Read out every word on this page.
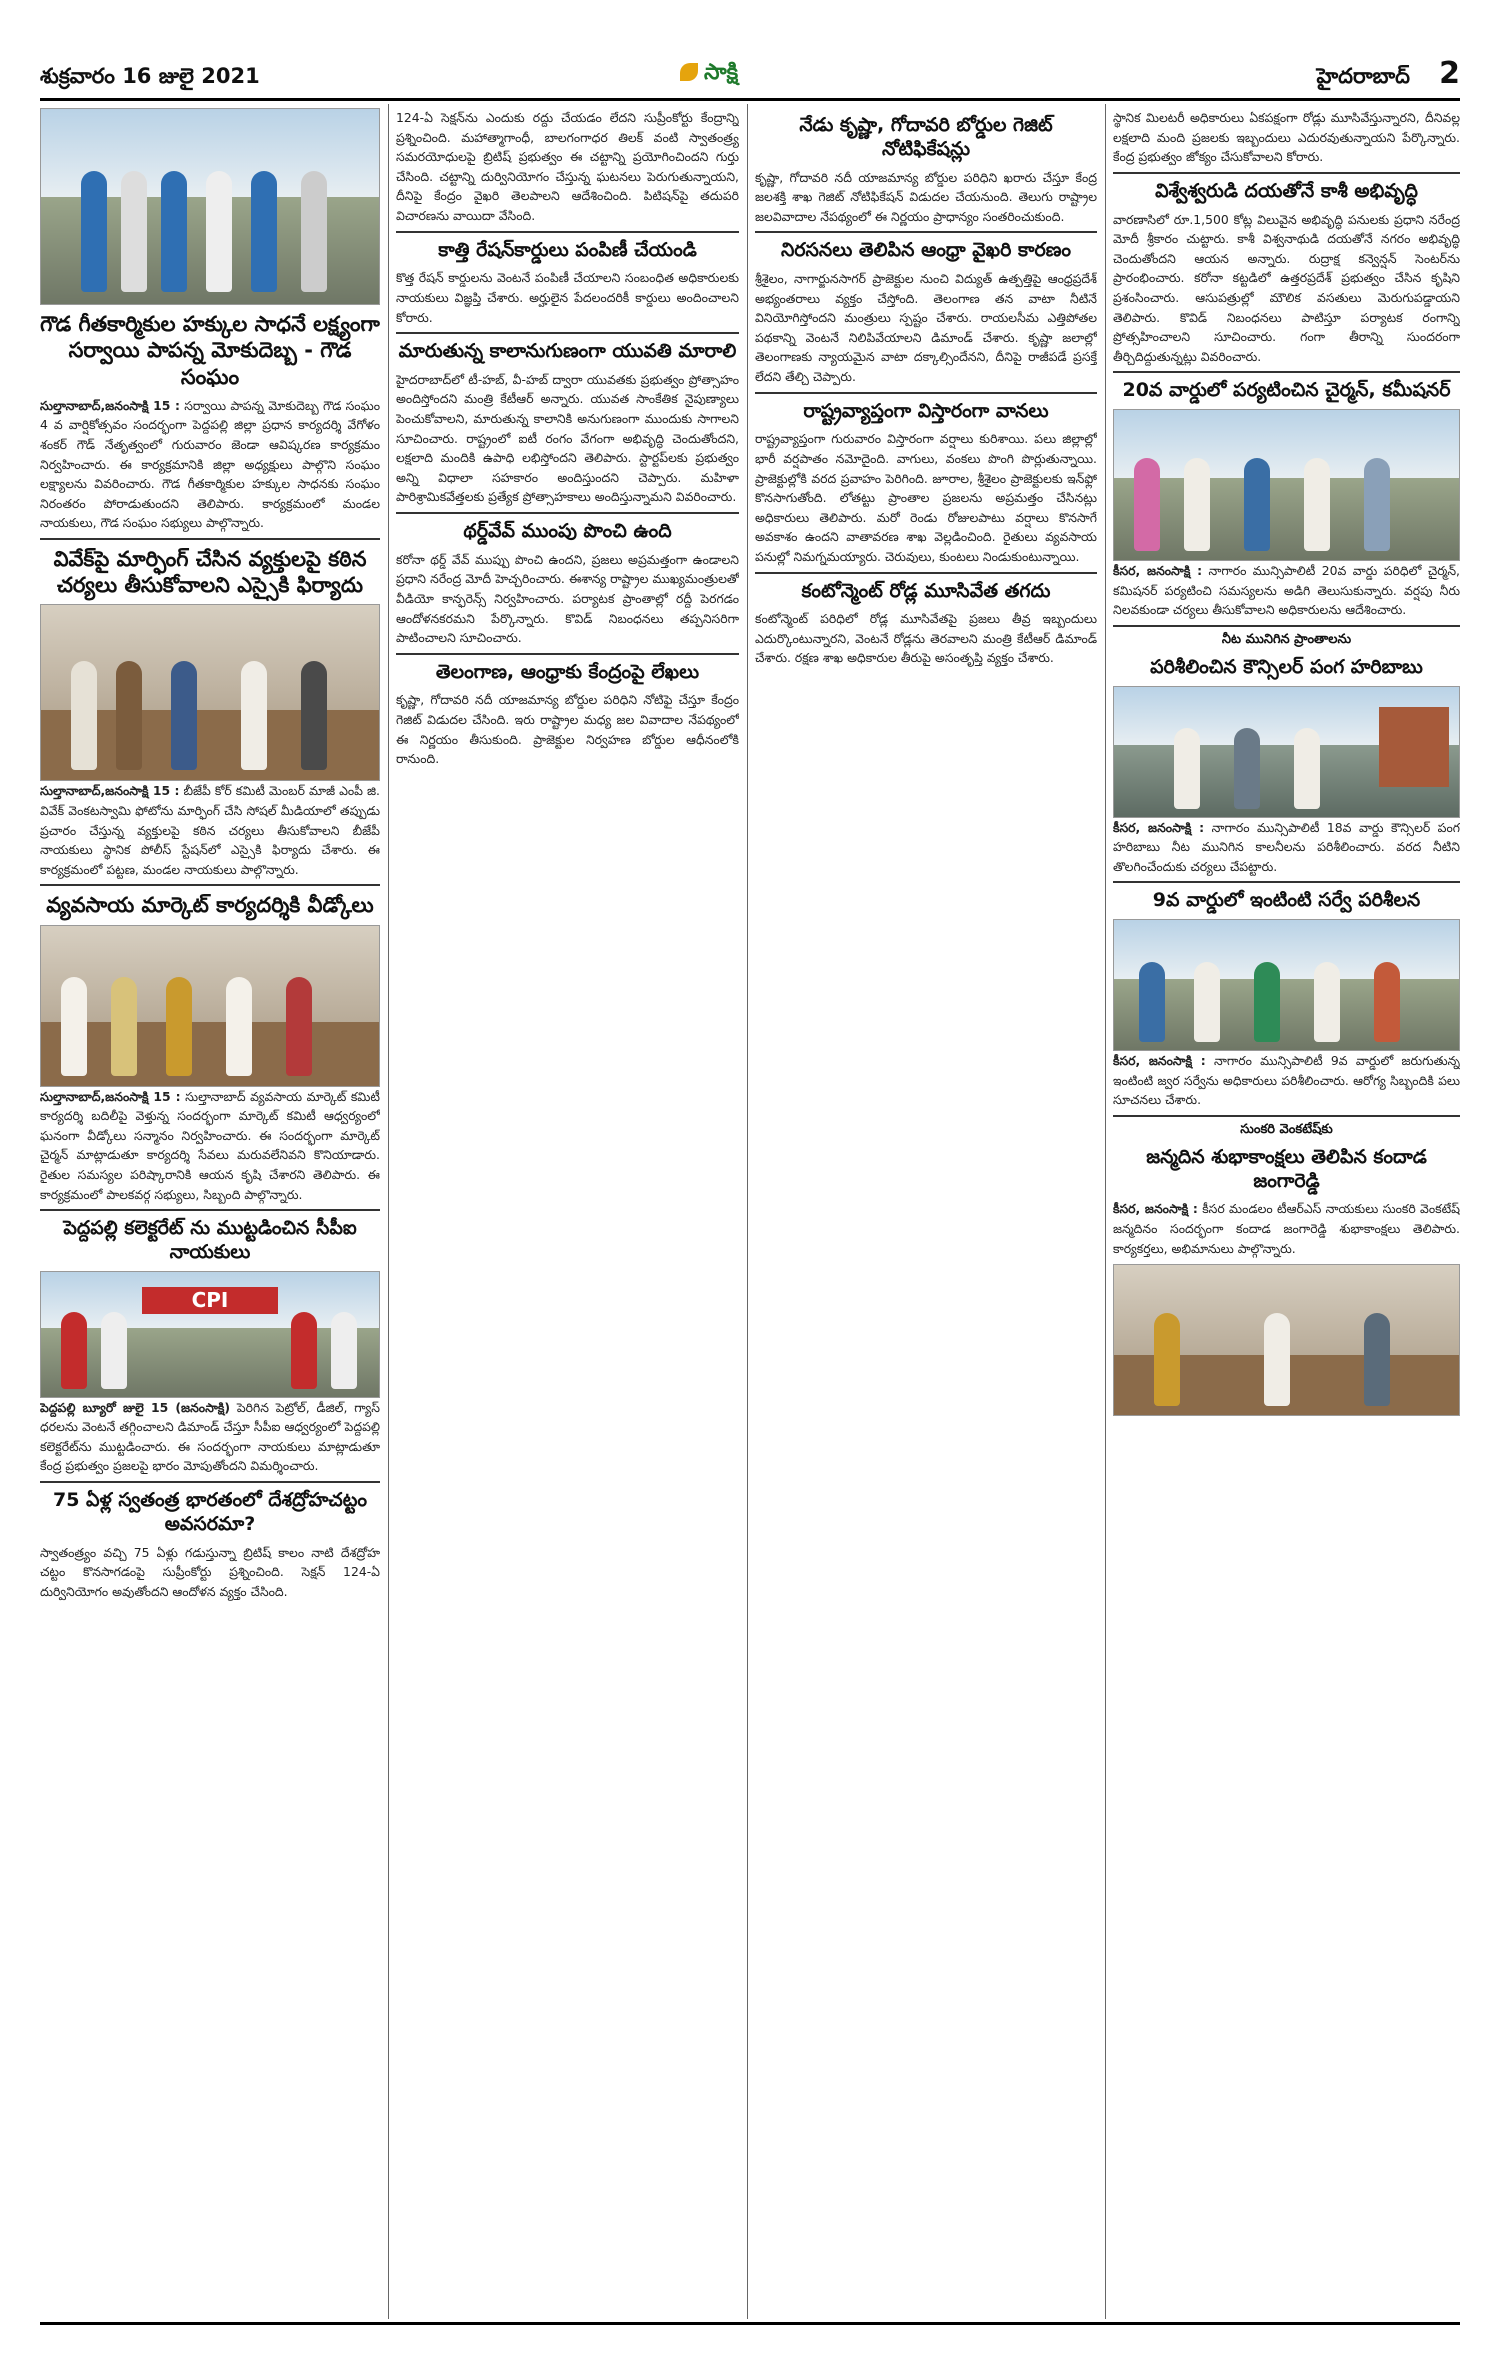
శుక్రవారం 16 జులై 2021	సాక్షి	హైదరాబాద్ 2
గౌడ గీతకార్మికుల హక్కుల సాధనే లక్ష్యంగా సర్వాయి పాపన్న మోకుదెబ్బ - గౌడ సంఘం
సుల్తానాబాద్,జనంసాక్షి 15 : సర్వాయి పాపన్న మోకుదెబ్బ గౌడ సంఘం 4 వ వార్షికోత్సవం సందర్భంగా పెద్దపల్లి జిల్లా ప్రధాన కార్యదర్శి వేగోళం శంకర్ గౌడ్ నేతృత్వంలో గురువారం జెండా ఆవిష్కరణ కార్యక్రమం నిర్వహించారు. ఈ కార్యక్రమానికి జిల్లా అధ్యక్షులు పాల్గొని సంఘం లక్ష్యాలను వివరించారు. గౌడ గీతకార్మికుల హక్కుల సాధనకు సంఘం నిరంతరం పోరాడుతుందని తెలిపారు. కార్యక్రమంలో మండల నాయకులు, గౌడ సంఘం సభ్యులు పాల్గొన్నారు.
వివేక్‌పై మార్ఫింగ్ చేసిన వ్యక్తులపై కఠిన చర్యలు తీసుకోవాలని ఎస్సైకి ఫిర్యాదు
సుల్తానాబాద్,జనంసాక్షి 15 : బీజేపీ కోర్ కమిటీ మెంబర్ మాజీ ఎంపీ జి. వివేక్ వెంకటస్వామి ఫోటోను మార్ఫింగ్ చేసి సోషల్ మీడియాలో తప్పుడు ప్రచారం చేస్తున్న వ్యక్తులపై కఠిన చర్యలు తీసుకోవాలని బీజేపీ నాయకులు స్థానిక పోలీస్ స్టేషన్‌లో ఎస్సైకి ఫిర్యాదు చేశారు. ఈ కార్యక్రమంలో పట్టణ, మండల నాయకులు పాల్గొన్నారు.
వ్యవసాయ మార్కెట్ కార్యదర్శికి వీడ్కోలు
సుల్తానాబాద్,జనంసాక్షి 15 : సుల్తానాబాద్ వ్యవసాయ మార్కెట్ కమిటీ కార్యదర్శి బదిలీపై వెళ్తున్న సందర్భంగా మార్కెట్ కమిటీ ఆధ్వర్యంలో ఘనంగా వీడ్కోలు సన్మానం నిర్వహించారు. ఈ సందర్భంగా మార్కెట్ చైర్మన్ మాట్లాడుతూ కార్యదర్శి సేవలు మరువలేనివని కొనియాడారు. రైతుల సమస్యల పరిష్కారానికి ఆయన కృషి చేశారని తెలిపారు. ఈ కార్యక్రమంలో పాలకవర్గ సభ్యులు, సిబ్బంది పాల్గొన్నారు.
పెద్దపల్లి కలెక్టరేట్ ను ముట్టడించిన సీపీఐ నాయకులు
CPI
పెద్దపల్లి బ్యూరో జులై 15 (జనంసాక్షి) పెరిగిన పెట్రోల్, డీజిల్, గ్యాస్ ధరలను వెంటనే తగ్గించాలని డిమాండ్ చేస్తూ సీపీఐ ఆధ్వర్యంలో పెద్దపల్లి కలెక్టరేట్‌ను ముట్టడించారు. ఈ సందర్భంగా నాయకులు మాట్లాడుతూ కేంద్ర ప్రభుత్వం ప్రజలపై భారం మోపుతోందని విమర్శించారు.
75 ఏళ్ల స్వతంత్ర భారతంలో దేశద్రోహచట్టం అవసరమా?
స్వాతంత్ర్యం వచ్చి 75 ఏళ్లు గడుస్తున్నా బ్రిటిష్ కాలం నాటి దేశద్రోహ చట్టం కొనసాగడంపై సుప్రీంకోర్టు ప్రశ్నించింది. సెక్షన్ 124-ఏ దుర్వినియోగం అవుతోందని ఆందోళన వ్యక్తం చేసింది.
124-ఏ సెక్షన్‌ను ఎందుకు రద్దు చేయడం లేదని సుప్రీంకోర్టు కేంద్రాన్ని ప్రశ్నించింది. మహాత్మాగాంధీ, బాలగంగాధర తిలక్ వంటి స్వాతంత్ర్య సమరయోధులపై బ్రిటిష్ ప్రభుత్వం ఈ చట్టాన్ని ప్రయోగించిందని గుర్తు చేసింది. చట్టాన్ని దుర్వినియోగం చేస్తున్న ఘటనలు పెరుగుతున్నాయని, దీనిపై కేంద్రం వైఖరి తెలపాలని ఆదేశించింది. పిటిషన్‌పై తదుపరి విచారణను వాయిదా వేసింది.
కాత్తి రేషన్‌కార్డులు పంపిణీ చేయండి
కొత్త రేషన్ కార్డులను వెంటనే పంపిణీ చేయాలని సంబంధిత అధికారులకు నాయకులు విజ్ఞప్తి చేశారు. అర్హులైన పేదలందరికీ కార్డులు అందించాలని కోరారు.
మారుతున్న కాలానుగుణంగా యువతి మారాలి
హైదరాబాద్‌లో టీ-హబ్, వీ-హబ్ ద్వారా యువతకు ప్రభుత్వం ప్రోత్సాహం అందిస్తోందని మంత్రి కేటీఆర్ అన్నారు. యువత సాంకేతిక నైపుణ్యాలు పెంచుకోవాలని, మారుతున్న కాలానికి అనుగుణంగా ముందుకు సాగాలని సూచించారు. రాష్ట్రంలో ఐటీ రంగం వేగంగా అభివృద్ధి చెందుతోందని, లక్షలాది మందికి ఉపాధి లభిస్తోందని తెలిపారు. స్టార్టప్‌లకు ప్రభుత్వం అన్ని విధాలా సహకారం అందిస్తుందని చెప్పారు. మహిళా పారిశ్రామికవేత్తలకు ప్రత్యేక ప్రోత్సాహకాలు అందిస్తున్నామని వివరించారు.
థర్డ్‌వేవ్ ముంపు పొంచి ఉంది
కరోనా థర్డ్ వేవ్ ముప్పు పొంచి ఉందని, ప్రజలు అప్రమత్తంగా ఉండాలని ప్రధాని నరేంద్ర మోదీ హెచ్చరించారు. ఈశాన్య రాష్ట్రాల ముఖ్యమంత్రులతో వీడియో కాన్ఫరెన్స్ నిర్వహించారు. పర్యాటక ప్రాంతాల్లో రద్దీ పెరగడం ఆందోళనకరమని పేర్కొన్నారు. కొవిడ్ నిబంధనలు తప్పనిసరిగా పాటించాలని సూచించారు.
తెలంగాణ, ఆంధ్రాకు కేంద్రంపై లేఖలు
కృష్ణా, గోదావరి నదీ యాజమాన్య బోర్డుల పరిధిని నోటిఫై చేస్తూ కేంద్రం గెజిట్ విడుదల చేసింది. ఇరు రాష్ట్రాల మధ్య జల వివాదాల నేపథ్యంలో ఈ నిర్ణయం తీసుకుంది. ప్రాజెక్టుల నిర్వహణ బోర్డుల ఆధీనంలోకి రానుంది.
నేడు కృష్ణా, గోదావరి బోర్డుల గెజిట్ నోటిఫికేషన్లు
కృష్ణా, గోదావరి నదీ యాజమాన్య బోర్డుల పరిధిని ఖరారు చేస్తూ కేంద్ర జలశక్తి శాఖ గెజిట్ నోటిఫికేషన్ విడుదల చేయనుంది. తెలుగు రాష్ట్రాల జలవివాదాల నేపథ్యంలో ఈ నిర్ణయం ప్రాధాన్యం సంతరించుకుంది.
నిరసనలు తెలిపిన ఆంధ్రా వైఖరి కారణం
శ్రీశైలం, నాగార్జునసాగర్ ప్రాజెక్టుల నుంచి విద్యుత్ ఉత్పత్తిపై ఆంధ్రప్రదేశ్ అభ్యంతరాలు వ్యక్తం చేస్తోంది. తెలంగాణ తన వాటా నీటినే వినియోగిస్తోందని మంత్రులు స్పష్టం చేశారు. రాయలసీమ ఎత్తిపోతల పథకాన్ని వెంటనే నిలిపివేయాలని డిమాండ్ చేశారు. కృష్ణా జలాల్లో తెలంగాణకు న్యాయమైన వాటా దక్కాల్సిందేనని, దీనిపై రాజీపడే ప్రసక్తే లేదని తేల్చి చెప్పారు.
రాష్ట్రవ్యాప్తంగా విస్తారంగా వానలు
రాష్ట్రవ్యాప్తంగా గురువారం విస్తారంగా వర్షాలు కురిశాయి. పలు జిల్లాల్లో భారీ వర్షపాతం నమోదైంది. వాగులు, వంకలు పొంగి పొర్లుతున్నాయి. ప్రాజెక్టుల్లోకి వరద ప్రవాహం పెరిగింది. జూరాల, శ్రీశైలం ప్రాజెక్టులకు ఇన్‌ఫ్లో కొనసాగుతోంది. లోతట్టు ప్రాంతాల ప్రజలను అప్రమత్తం చేసినట్లు అధికారులు తెలిపారు. మరో రెండు రోజులపాటు వర్షాలు కొనసాగే అవకాశం ఉందని వాతావరణ శాఖ వెల్లడించింది. రైతులు వ్యవసాయ పనుల్లో నిమగ్నమయ్యారు. చెరువులు, కుంటలు నిండుకుంటున్నాయి.
కంటోన్మెంట్ రోడ్ల మూసివేత తగదు
కంటోన్మెంట్ పరిధిలో రోడ్ల మూసివేతపై ప్రజలు తీవ్ర ఇబ్బందులు ఎదుర్కొంటున్నారని, వెంటనే రోడ్లను తెరవాలని మంత్రి కేటీఆర్ డిమాండ్ చేశారు. రక్షణ శాఖ అధికారుల తీరుపై అసంతృప్తి వ్యక్తం చేశారు.
స్థానిక మిలటరీ అధికారులు ఏకపక్షంగా రోడ్లు మూసివేస్తున్నారని, దీనివల్ల లక్షలాది మంది ప్రజలకు ఇబ్బందులు ఎదురవుతున్నాయని పేర్కొన్నారు. కేంద్ర ప్రభుత్వం జోక్యం చేసుకోవాలని కోరారు.
విశ్వేశ్వరుడి దయతోనే కాశీ అభివృద్ధి
వారణాసిలో రూ.1,500 కోట్ల విలువైన అభివృద్ధి పనులకు ప్రధాని నరేంద్ర మోదీ శ్రీకారం చుట్టారు. కాశీ విశ్వనాథుడి దయతోనే నగరం అభివృద్ధి చెందుతోందని ఆయన అన్నారు. రుద్రాక్ష కన్వెన్షన్ సెంటర్‌ను ప్రారంభించారు. కరోనా కట్టడిలో ఉత్తరప్రదేశ్ ప్రభుత్వం చేసిన కృషిని ప్రశంసించారు. ఆసుపత్రుల్లో మౌలిక వసతులు మెరుగుపడ్డాయని తెలిపారు. కొవిడ్ నిబంధనలు పాటిస్తూ పర్యాటక రంగాన్ని ప్రోత్సహించాలని సూచించారు. గంగా తీరాన్ని సుందరంగా తీర్చిదిద్దుతున్నట్లు వివరించారు.
20వ వార్డులో పర్యటించిన చైర్మన్, కమీషనర్
కీసర, జనంసాక్షి : నాగారం మున్సిపాలిటీ 20వ వార్డు పరిధిలో చైర్మన్, కమిషనర్ పర్యటించి సమస్యలను అడిగి తెలుసుకున్నారు. వర్షపు నీరు నిలవకుండా చర్యలు తీసుకోవాలని అధికారులను ఆదేశించారు.
నీట మునిగిన ప్రాంతాలను
పరిశీలించిన కౌన్సిలర్ పంగ హరిబాబు
కీసర, జనంసాక్షి : నాగారం మున్సిపాలిటీ 18వ వార్డు కౌన్సిలర్ పంగ హరిబాబు నీట మునిగిన కాలనీలను పరిశీలించారు. వరద నీటిని తొలగించేందుకు చర్యలు చేపట్టారు.
9వ వార్డులో ఇంటింటి సర్వే పరిశీలన
కీసర, జనంసాక్షి : నాగారం మున్సిపాలిటీ 9వ వార్డులో జరుగుతున్న ఇంటింటి జ్వర సర్వేను అధికారులు పరిశీలించారు. ఆరోగ్య సిబ్బందికి పలు సూచనలు చేశారు.
సుంకరి వెంకటేష్‌కు
జన్మదిన శుభాకాంక్షలు తెలిపిన కందాడ జంగారెడ్డి
కీసర, జనంసాక్షి : కీసర మండలం టీఆర్‌ఎస్ నాయకులు సుంకరి వెంకటేష్ జన్మదినం సందర్భంగా కందాడ జంగారెడ్డి శుభాకాంక్షలు తెలిపారు. కార్యకర్తలు, అభిమానులు పాల్గొన్నారు.
